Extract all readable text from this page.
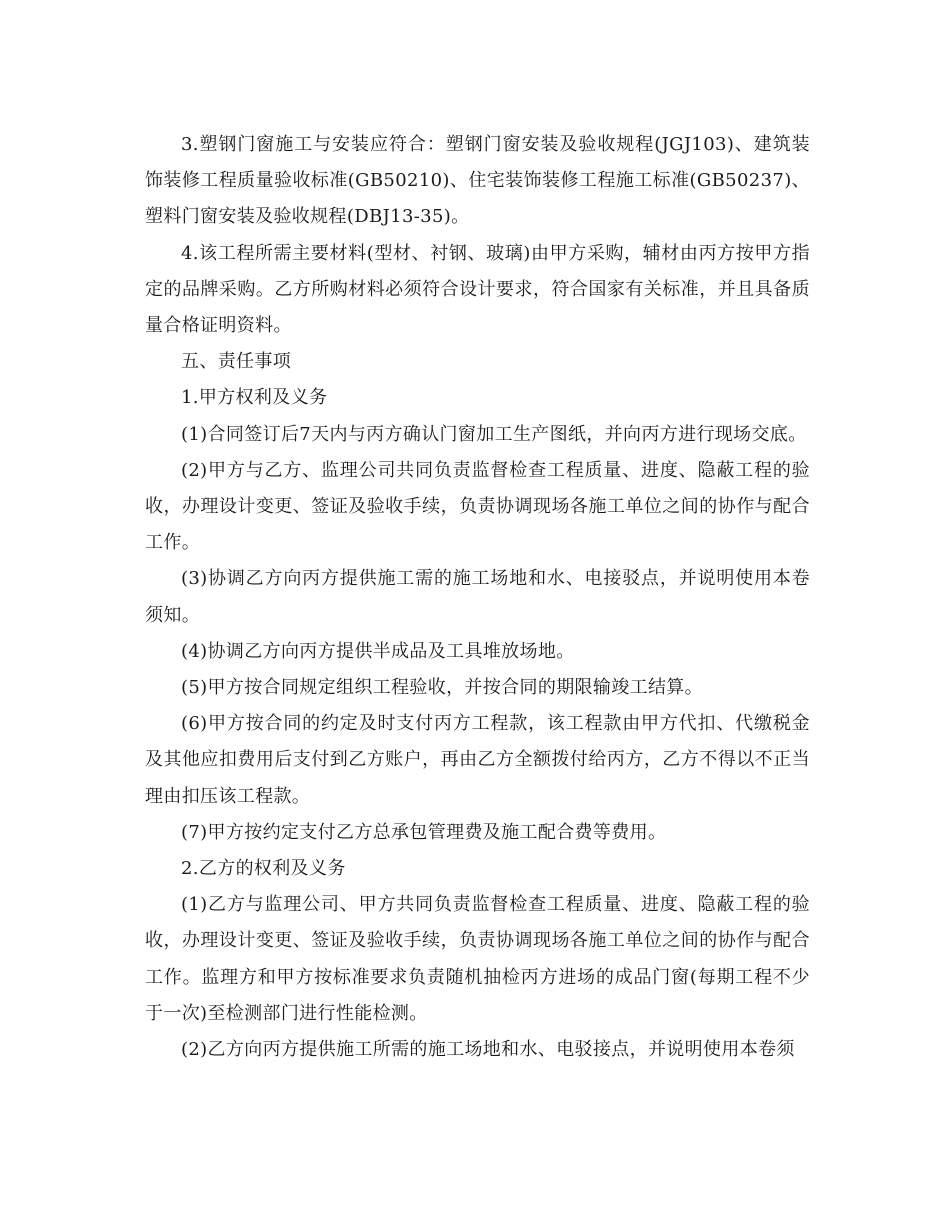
3.塑钢门窗施工与安装应符合：塑钢门窗安装及验收规程(JGJ103)、建筑装饰装修工程质量验收标准(GB50210)、住宅装饰装修工程施工标准(GB50237)、塑料门窗安装及验收规程(DBJ13-35)。

4.该工程所需主要材料(型材、衬钢、玻璃)由甲方采购，辅材由丙方按甲方指定的品牌采购。乙方所购材料必须符合设计要求，符合国家有关标准，并且具备质量合格证明资料。

五、责任事项

1.甲方权利及义务

(1)合同签订后7天内与丙方确认门窗加工生产图纸，并向丙方进行现场交底。

(2)甲方与乙方、监理公司共同负责监督检查工程质量、进度、隐蔽工程的验收，办理设计变更、签证及验收手续，负责协调现场各施工单位之间的协作与配合工作。

(3)协调乙方向丙方提供施工需的施工场地和水、电接驳点，并说明使用本卷须知。

(4)协调乙方向丙方提供半成品及工具堆放场地。

(5)甲方按合同规定组织工程验收，并按合同的期限输竣工结算。

(6)甲方按合同的约定及时支付丙方工程款，该工程款由甲方代扣、代缴税金及其他应扣费用后支付到乙方账户，再由乙方全额拨付给丙方，乙方不得以不正当理由扣压该工程款。

(7)甲方按约定支付乙方总承包管理费及施工配合费等费用。

2.乙方的权利及义务

(1)乙方与监理公司、甲方共同负责监督检查工程质量、进度、隐蔽工程的验收，办理设计变更、签证及验收手续，负责协调现场各施工单位之间的协作与配合工作。监理方和甲方按标准要求负责随机抽检丙方进场的成品门窗(每期工程不少于一次)至检测部门进行性能检测。

(2)乙方向丙方提供施工所需的施工场地和水、电驳接点，并说明使用本卷须
